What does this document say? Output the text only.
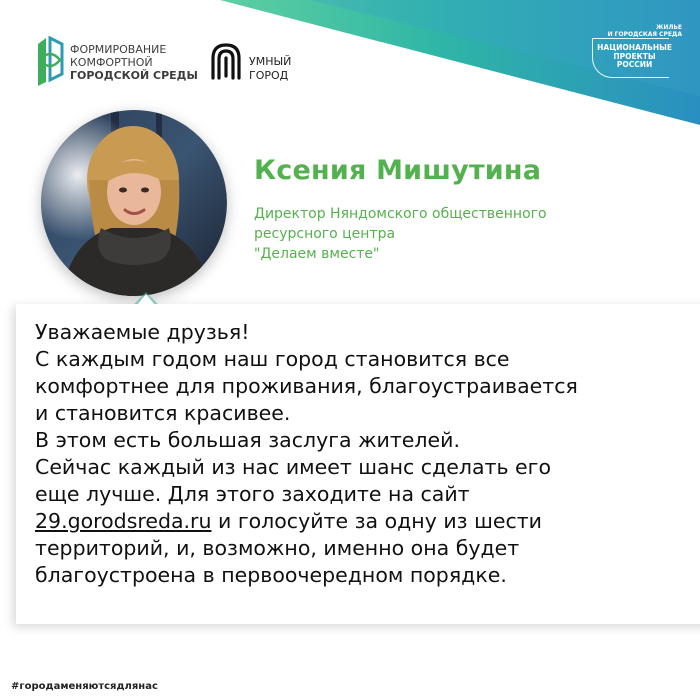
ФОРМИРОВАНИЕ
КОМФОРТНОЙ
ГОРОДСКОЙ СРЕДЫ
УМНЫЙ
ГОРОД
ЖИЛЬЕ
И ГОРОДСКАЯ СРЕДА
НАЦИОНАЛЬНЫЕ
ПРОЕКТЫ
РОССИИ
Ксения Мишутина
Директор Няндомского общественного
ресурсного центра
"Делаем вместе"
Уважаемые друзья!
С каждым годом наш город становится все
комфортнее для проживания, благоустраивается
и становится красивее.
В этом есть большая заслуга жителей.
Сейчас каждый из нас имеет шанс сделать его
еще лучше. Для этого заходите на сайт
29.gorodsreda.ru и голосуйте за одну из шести
территорий, и, возможно, именно она будет
благоустроена в первоочередном порядке.
#городаменяютсядлянас
